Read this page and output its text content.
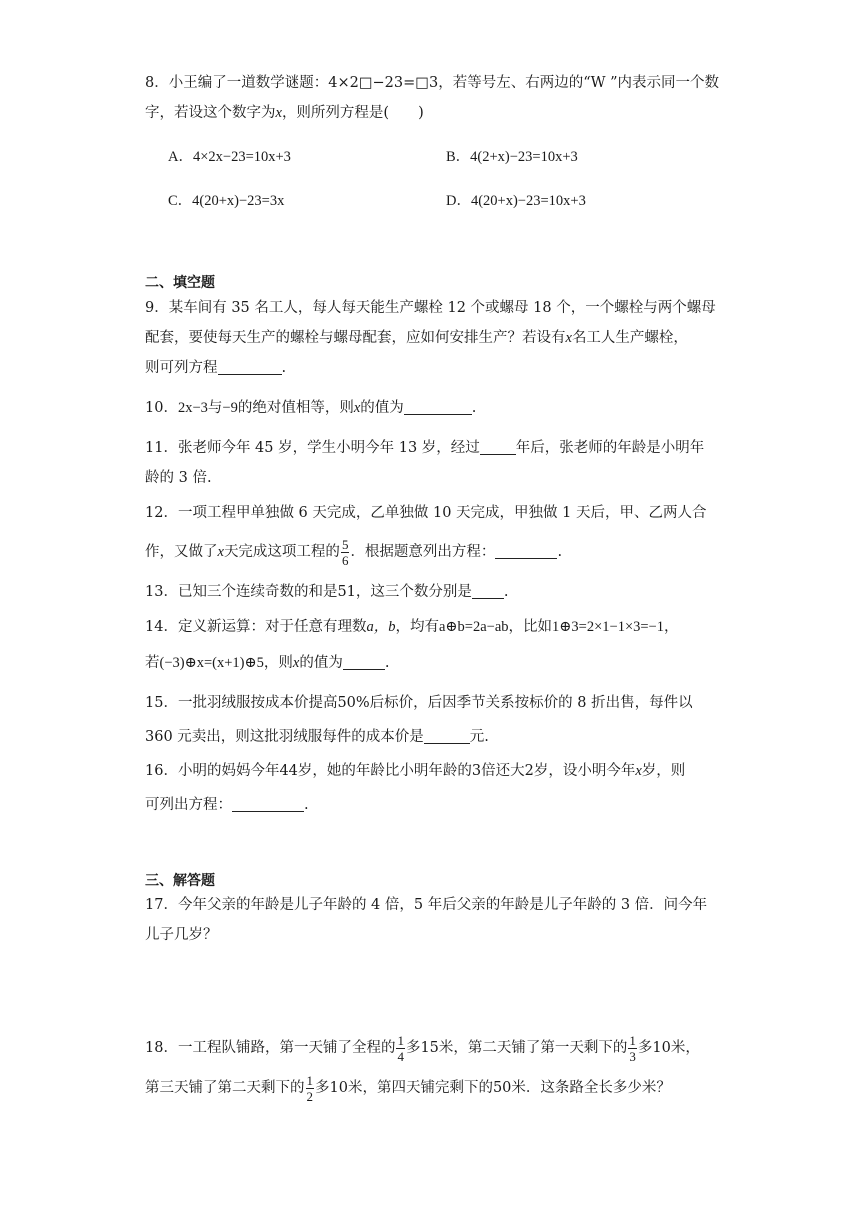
8．小王编了一道数学谜题：4×2□−23=□3，若等号左、右两边的“W ”内表示同一个数
字，若设这个数字为x，则所列方程是(　　)
A．4×2x−23=10x+3	B．4(2+x)−23=10x+3
C．4(20+x)−23=3x	D．4(20+x)−23=10x+3
二、填空题
9．某车间有 35 名工人，每人每天能生产螺栓 12 个或螺母 18 个，一个螺栓与两个螺母
配套，要使每天生产的螺栓与螺母配套，应如何安排生产？若设有x名工人生产螺栓，
则可列方程	.
10．2x−3与−9的绝对值相等，则x的值为	.
11．张老师今年 45 岁，学生小明今年 13 岁，经过 年后，张老师的年龄是小明年
龄的 3 倍.
12．一项工程甲单独做 6 天完成，乙单独做 10 天完成，甲独做 1 天后，甲、乙两人合
作，又做了x天完成这项工程的 $\frac{5}{6}$ ．根据题意列出方程：	.
13．已知三个连续奇数的和是51，这三个数分别是 .
14．定义新运算：对于任意有理数a，b，均有a⊕b=2a−ab，比如1⊕3=2×1−1×3=−1，
若(−3)⊕x=(x+1)⊕5，则x的值为	.
15．一批羽绒服按成本价提高50%后标价，后因季节关系按标价的 8 折出售，每件以
360 元卖出，则这批羽绒服每件的成本价是	元.
16．小明的妈妈今年44岁，她的年龄比小明年龄的3倍还大2岁，设小明今年x岁，则
可列出方程：	.
三、解答题
17．今年父亲的年龄是儿子年龄的 4 倍，5 年后父亲的年龄是儿子年龄的 3 倍．问今年
儿子几岁？
18．一工程队铺路，第一天铺了全程的 $\frac{1}{4}$ 多15米，第二天铺了第一天剩下的 $\frac{1}{3}$ 多10米，
第三天铺了第二天剩下的 $\frac{1}{2}$ 多10米，第四天铺完剩下的50米．这条路全长多少米？
